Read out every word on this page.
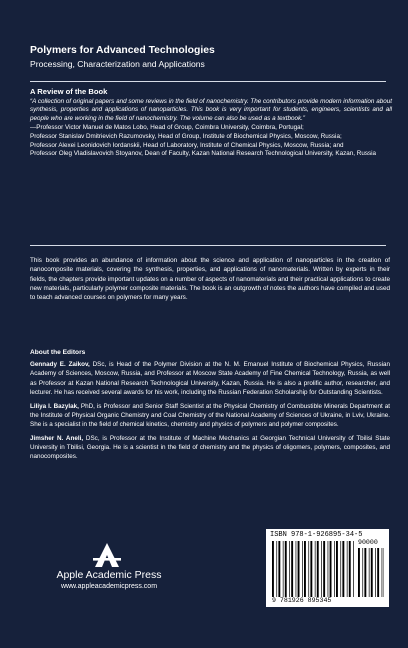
Polymers for Advanced Technologies
Processing, Characterization and Applications
A Review of the Book

“A collection of original papers and some reviews in the field of nanochemistry. The contributors provide modern information about synthesis, properties and applications of nanoparticles. This book is very important for students, engineers, scientists and all people who are working in the field of nanochemistry. The volume can also be used as a textbook.”

—Professor Victor Manuel de Matos Lobo, Head of Group, Coimbra University, Coimbra, Portugal;

Professor Stanislav Dmitrievich Razumovsky, Head of Group, Institute of Biochemical Physics, Moscow, Russia;

Professor Alexei Leonidovich Iordanskii, Head of Laboratory, Institute of Chemical Physics, Moscow, Russia; and

Professor Oleg Vladislavovich Stoyanov, Dean of Faculty, Kazan National Research Technological University, Kazan, Russia

This book provides an abundance of information about the science and application of nanoparticles in the creation of nanocomposite materials, covering the synthesis, properties, and applications of nanomaterials. Written by experts in their fields, the chapters provide important updates on a number of aspects of nanomaterials and their practical applications to create new materials, particularly polymer composite materials. The book is an outgrowth of notes the authors have compiled and used to teach advanced courses on polymers for many years.

About the Editors

Gennady E. Zaikov, DSc, is Head of the Polymer Division at the N. M. Emanuel Institute of Biochemical Physics, Russian Academy of Sciences, Moscow, Russia, and Professor at Moscow State Academy of Fine Chemical Technology, Russia, as well as Professor at Kazan National Research Technological University, Kazan, Russia. He is also a prolific author, researcher, and lecturer. He has received several awards for his work, including the Russian Federation Scholarship for Outstanding Scientists.

Liliya I. Bazylak, PhD, is Professor and Senior Staff Scientist at the Physical Chemistry of Combustible Minerals Department at the Institute of Physical Organic Chemistry and Coal Chemistry of the National Academy of Sciences of Ukraine, in Lviv, Ukraine. She is a specialist in the field of chemical kinetics, chemistry and physics of polymers and polymer composites.

Jimsher N. Aneli, DSc, is Professor at the Institute of Machine Mechanics at Georgian Technical University of Tbilisi State University in Tbilisi, Georgia. He is a scientist in the field of chemistry and the physics of oligomers, polymers, composites, and nanocomposites.

Apple Academic Press
www.appleacademicpress.com
ISBN 978-1-926895-34-5
90000
9 781926 895345
